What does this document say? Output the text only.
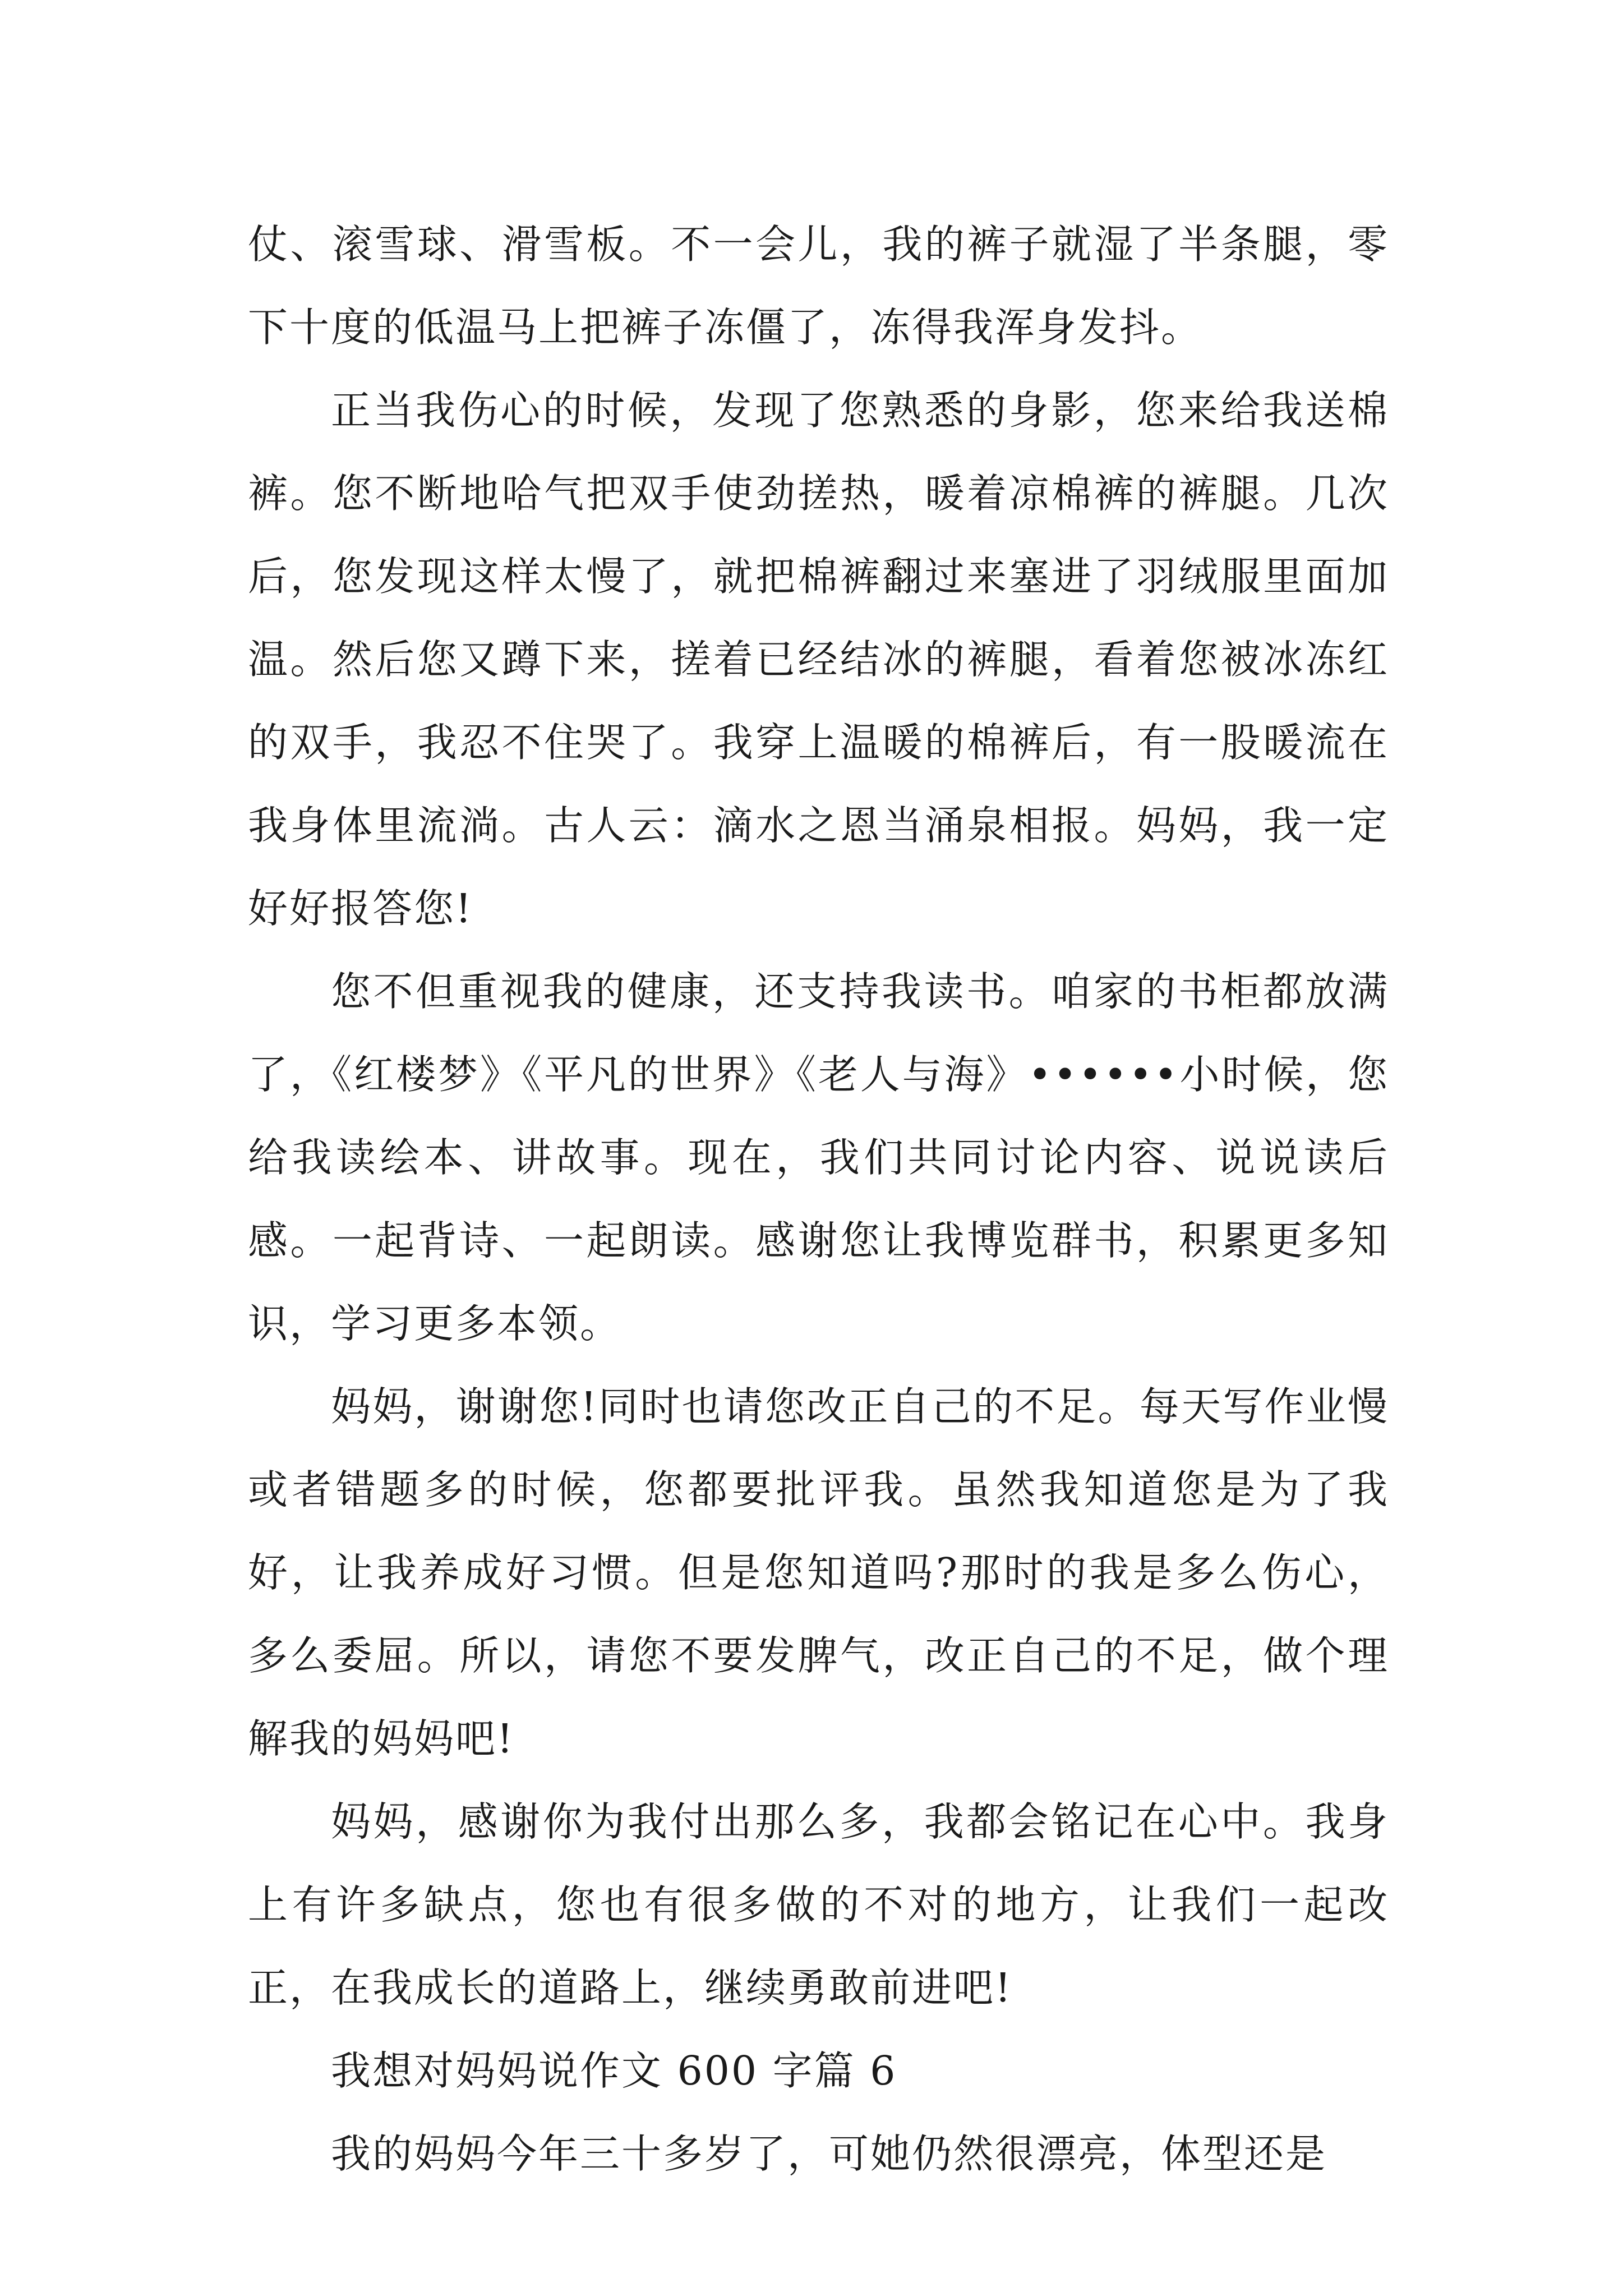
仗、滚雪球、滑雪板。不一会儿，我的裤子就湿了半条腿，零下十度的低温马上把裤子冻僵了，冻得我浑身发抖。

正当我伤心的时候，发现了您熟悉的身影，您来给我送棉裤。您不断地哈气把双手使劲搓热，暖着凉棉裤的裤腿。几次后，您发现这样太慢了，就把棉裤翻过来塞进了羽绒服里面加温。然后您又蹲下来，搓着已经结冰的裤腿，看着您被冰冻红的双手，我忍不住哭了。我穿上温暖的棉裤后，有一股暖流在我身体里流淌。古人云：滴水之恩当涌泉相报。妈妈，我一定好好报答您!

您不但重视我的健康，还支持我读书。咱家的书柜都放满了，《红楼梦》《平凡的世界》《老人与海》••••••小时候，您给我读绘本、讲故事。现在，我们共同讨论内容、说说读后感。一起背诗、一起朗读。感谢您让我博览群书，积累更多知识，学习更多本领。

妈妈，谢谢您!同时也请您改正自己的不足。每天写作业慢或者错题多的时候，您都要批评我。虽然我知道您是为了我好，让我养成好习惯。但是您知道吗?那时的我是多么伤心，多么委屈。所以，请您不要发脾气，改正自己的不足，做个理解我的妈妈吧!

妈妈，感谢你为我付出那么多，我都会铭记在心中。我身上有许多缺点，您也有很多做的不对的地方，让我们一起改正，在我成长的道路上，继续勇敢前进吧!

我想对妈妈说作文 600 字篇 6

我的妈妈今年三十多岁了，可她仍然很漂亮，体型还是
